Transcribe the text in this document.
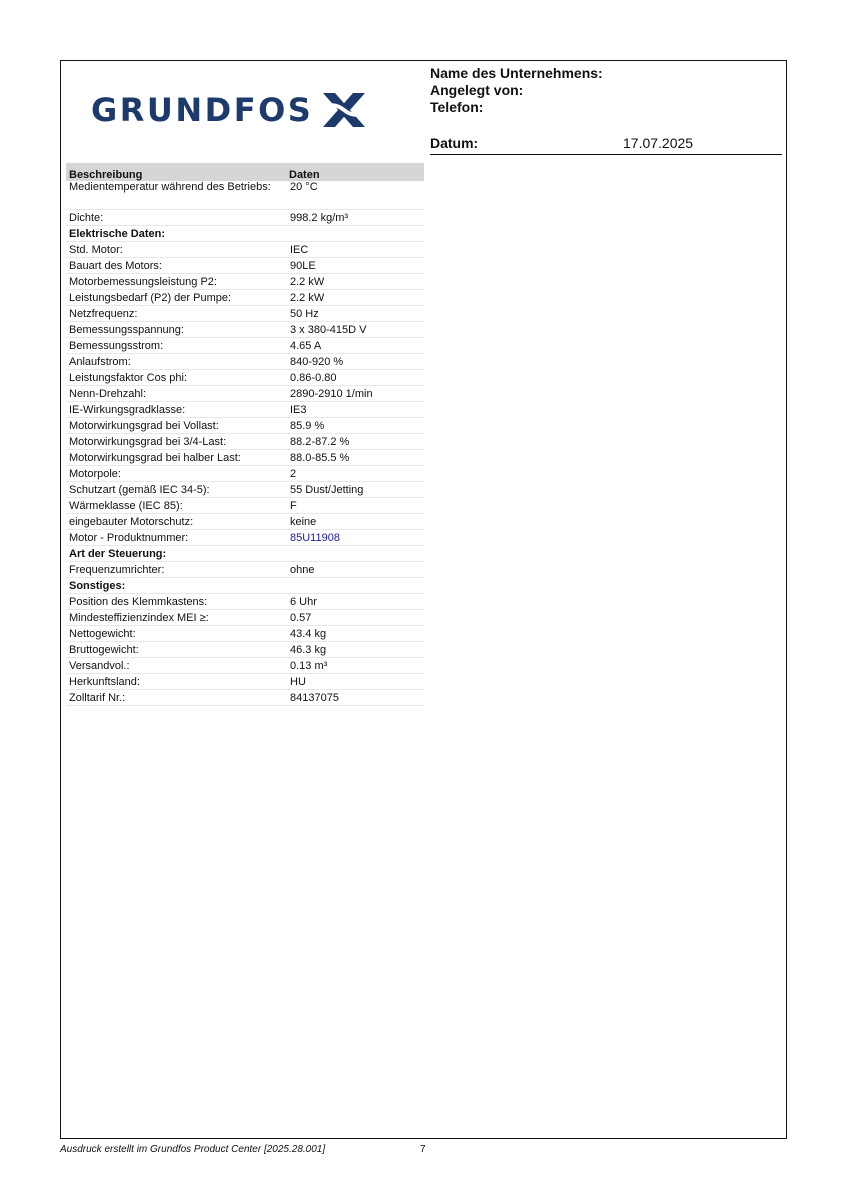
GRUNDFOS
Name des Unternehmens:
Angelegt von:
Telefon:
Datum:	17.07.2025
Beschreibung	Daten
Medientemperatur während des Betriebs:	20 °C
Dichte:	998.2 kg/m³
Elektrische Daten:	
Std. Motor:	IEC
Bauart des Motors:	90LE
Motorbemessungsleistung P2:	2.2 kW
Leistungsbedarf (P2) der Pumpe:	2.2 kW
Netzfrequenz:	50 Hz
Bemessungsspannung:	3 x 380-415D V
Bemessungsstrom:	4.65 A
Anlaufstrom:	840-920 %
Leistungsfaktor Cos phi:	0.86-0.80
Nenn-Drehzahl:	2890-2910 1/min
IE-Wirkungsgradklasse:	IE3
Motorwirkungsgrad bei Vollast:	85.9 %
Motorwirkungsgrad bei 3/4-Last:	88.2-87.2 %
Motorwirkungsgrad bei halber Last:	88.0-85.5 %
Motorpole:	2
Schutzart (gemäß IEC 34-5):	55 Dust/Jetting
Wärmeklasse (IEC 85):	F
eingebauter Motorschutz:	keine
Motor - Produktnummer:	85U11908
Art der Steuerung:	
Frequenzumrichter:	ohne
Sonstiges:	
Position des Klemmkastens:	6 Uhr
Mindesteffizienzindex MEI ≥:	0.57
Nettogewicht:	43.4 kg
Bruttogewicht:	46.3 kg
Versandvol.:	0.13 m³
Herkunftsland:	HU
Zolltarif Nr.:	84137075
Ausdruck erstellt im Grundfos Product Center [2025.28.001]	7
